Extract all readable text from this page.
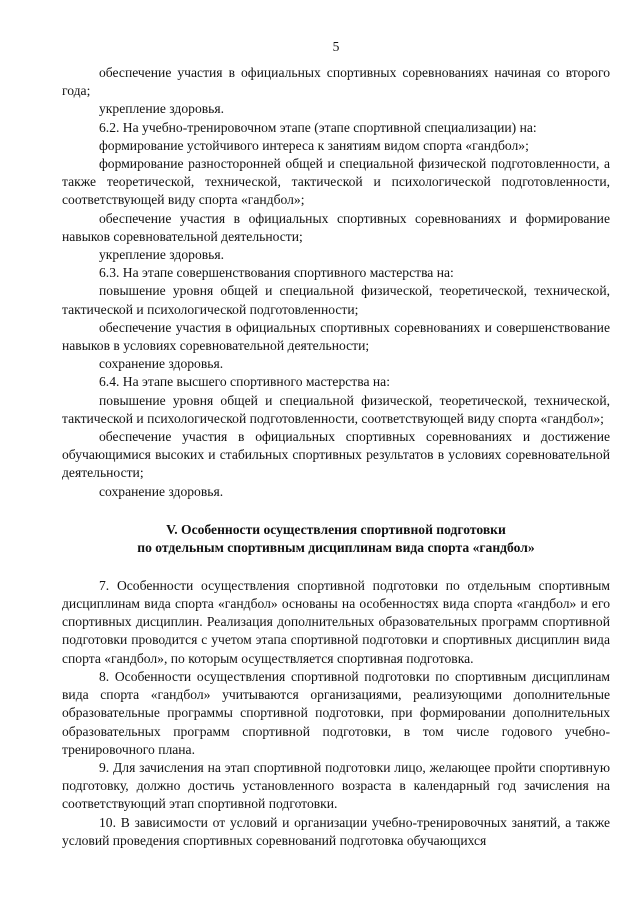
5

обеспечение участия в официальных спортивных соревнованиях начиная со второго года;

укрепление здоровья.

6.2. На учебно-тренировочном этапе (этапе спортивной специализации) на:

формирование устойчивого интереса к занятиям видом спорта «гандбол»;

формирование разносторонней общей и специальной физической подготовленности, а также теоретической, технической, тактической и психологической подготовленности, соответствующей виду спорта «гандбол»;

обеспечение участия в официальных спортивных соревнованиях и формирование навыков соревновательной деятельности;

укрепление здоровья.

6.3. На этапе совершенствования спортивного мастерства на:

повышение уровня общей и специальной физической, теоретической, технической, тактической и психологической подготовленности;

обеспечение участия в официальных спортивных соревнованиях и совершенствование навыков в условиях соревновательной деятельности;

сохранение здоровья.

6.4. На этапе высшего спортивного мастерства на:

повышение уровня общей и специальной физической, теоретической, технической, тактической и психологической подготовленности, соответствующей виду спорта «гандбол»;

обеспечение участия в официальных спортивных соревнованиях и достижение обучающимися высоких и стабильных спортивных результатов в условиях соревновательной деятельности;

сохранение здоровья.

V. Особенности осуществления спортивной подготовки
по отдельным спортивным дисциплинам вида спорта «гандбол»

7. Особенности осуществления спортивной подготовки по отдельным спортивным дисциплинам вида спорта «гандбол» основаны на особенностях вида спорта «гандбол» и его спортивных дисциплин. Реализация дополнительных образовательных программ спортивной подготовки проводится с учетом этапа спортивной подготовки и спортивных дисциплин вида спорта «гандбол», по которым осуществляется спортивная подготовка.

8. Особенности осуществления спортивной подготовки по спортивным дисциплинам вида спорта «гандбол» учитываются организациями, реализующими дополнительные образовательные программы спортивной подготовки, при формировании дополнительных образовательных программ спортивной подготовки, в том числе годового учебно-тренировочного плана.

9. Для зачисления на этап спортивной подготовки лицо, желающее пройти спортивную подготовку, должно достичь установленного возраста в календарный год зачисления на соответствующий этап спортивной подготовки.

10. В зависимости от условий и организации учебно-тренировочных занятий, а также условий проведения спортивных соревнований подготовка обучающихся
